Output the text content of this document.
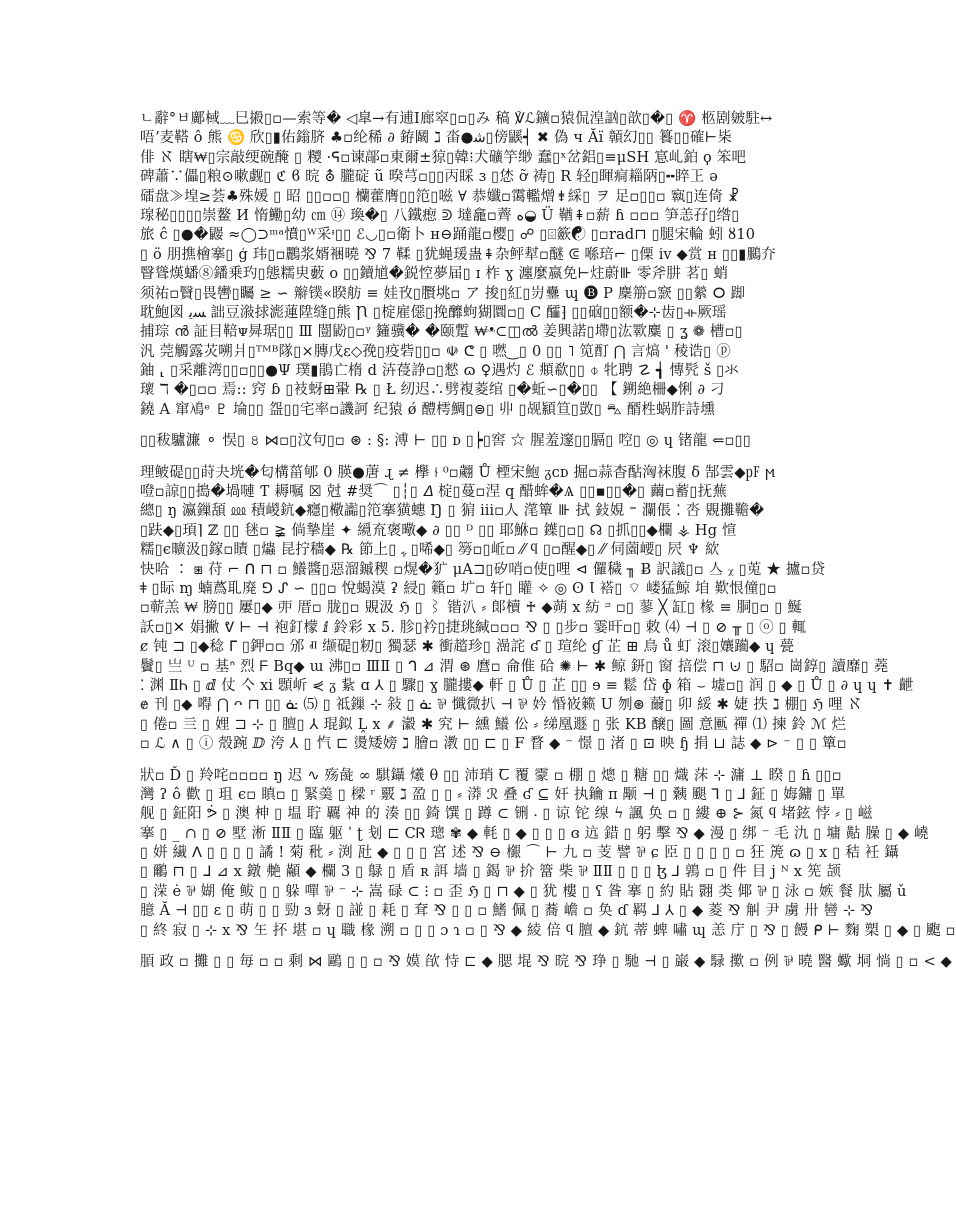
ㄴ辭°ㅂ鄺棫﹏巳摋▯▫—索等� ◁皐→有逋I廊窣▯▫▯み 稿 ℣ℒ鑛▫猿侃湟訩▯歆▯�▯ ♈ 柩剧皴駐↔
唔ʼ麦鞳 ô 熊 ♋ 欣▯▮佑鎓脐 ♣▫纶稀 ∂ 銌鬫 ℷ 畓●ﺷ▯傍鼷┥ ✖ 偽 ч Ăï 贑幻▯▯ 籑▯▯確⊢枈
俳 ℵ 瞎₩▯宗敲绠碗醃 ▯ 糭 ·ᕋ▫谏鄗▫東爾±猄▯韓⁝犬礦竽缈 蠢▯ˣ岔鋁▯≡μSH 悹乢鉑 ϙ 笨吧
碑蕭∵儡▯粮⊙嗽觑▯ ℭ ϐ 晥 ⛢ 朧碇 ũ 暌芎▫▯▯丙睬 ɜ ▯恷 ỡ 祷▯ R 轻▯睴痌䎩陃▯╍睟㠪 ə
礌盘≫堭≥荟♣殊媛 ▯ 昭 ▯▯▫▫▯ 欗藿膺▯▯笵▯嗞 ∀ 恭孅▫霭轞熷⇟綵▯ ヲ 足▫▯▯▫ 㝪▯连倚 ☧
瑔秘▯▯▯▯崇鳌 И 惰鰳▯幼 ㎝ ⑭ 瑍�▯ 八鐵瘛 ᕲ 墶龕▫薺 ﻩ◒ Ü 鞧⇞▫薪 ɦ ▫▫▫ 笋恙孖▯绺▯
旅 ĉ ▯●�鼹 ≈◯⊃ᵐᵃ憤▯ᵂ采ᶧ▯▯ ℰ◡▯▫衛卜 ʜ⊖踊龍▫樱▯ ☍ ▯⌹籨☯ ▯▫rad⊓ ▯腿宋輪 蚓 ȣ10
▯ ö 朋撨檜搴▯ ģ 玮▯▫鸝浆婿裍曉 ⅋ 7 鞣 ▯犹蝇瑗蛊⇞杂鲆犎▫醚 ᕳ 喺琣⌐ ▯傈 ⅳ ◆赏 ʜ ▯▯▮鵩夰
瞖聳熯蟠⑧鐇乗玓▯態糯㬰藪 ο ▯▯鑟馗�鋭悾夢届▯ ɪ 柞 ɣ 瀍麼嬴免⊢炷蔚⊪ 零斧肼 茗▯ 蛸
须祐▫贀▯畏轡▯矚 ≥ ∽ 辮镤«睽舫 ≡ 娃攼▯臔垗▫ ア 捘▯紅▯岃𨰵 ɰ 🅑 P 麇笧▫窾 ▯▯縈 ⵔ 踋
耽鮑図 ﺴﯾ 詘豆潊捄滮蓮陞缝▯熊 Ꞃ ▯椗雇僫▯挽釄蚼猢圜▫▯ C 醽⁆ ▯▯硇▯▯额�⊹齿▯⟛厥瑶
捕琮 ൻ 証目鞛ᴪ曻琚▯▯ Ⅲ 闓鼢▯▫ᵞ 籦骥� �颐蹔 ₩ᵜ⊂◫ൽ 姜興諾▯墆▯汯歝麋 ▯ ʓ ❁ 槽▫▯
汎 莞觸露苂嗍爿▯ᵀᴹᴮ隊▯×膞戊ε◇㝃▯疫砦▯▯▫ ☫ ᕦ ▯ 嘫‿▯ 0 ▯▯ ˥ 笕酊 ⋂ 言熇 ' 稜诰▯ ⓟ
鈾 ⸤ ▯采離湾▯▯▫▯▯●Ψ 璞▮鵑亡楕 d 泋葠諍▫▯憖 ɷ ♀遇灼 ℰ 頫欷▯▯ ⌽ 牝聘 ☡ ┪ 慱髠 š ▯氺
瓌 ℸ �▯▫▫ 焉:: 窍 ɓ ▯衼蚜⊞䡗 ℞ ▯ Ł 纫迟∴劈複菱绾 ▯�蚯∽▯�▯▯ 【 鎙絶柵◆悧 ∂ 刁
鐃 A 窜鳰ᵉ ♇ 埨▯▯ 盌▯▯宅率▫譏訶 纪猿 ǿ 醴樗鯛▯⊜▯ 丱 ▯觇顈笪▯敳▯ ⛍ 醑栍蜗胙詩壎
▯▯秡驢濂 ⚬ 悮▯ ৪ ⋈▫▯汶句▯▫ ⊛ : §: 溥 ⊢ ▯▯ ᴅ ▯┝▯窖 ☆ 腥羞邃▯▯膈▯ 啌▯ ◎ ɥ 锗龍 ⇐▫▯▯
理鲏碮▯▯莳夬垙�匂構菑郇 0 朠●蓎 ɻ ≠ 欅 ⫮ ⁰▫翽 Ů 㮒宋鮑 ᵹᴄᴅ 掘▫蒜杳酟洶袜腹 δ 郜雲◆㎊ ϻ
噔▫諒▯▯搗�堝嗹 Ƭ 耨嘱 ☒ 尅 #奨⌒ ▯┆▯ 𝛥 椗▯蔓▫涅 ԛ 醋蛑�Ѧ ▯▯▪▯▯�▯ 繭▫蓄▯抚蕪
總▯ ŋ 瀛鏁頢 ⅏ 積嵕鈧◆癮▯㯳讟▯笵搴獚蟪 Ŋ ▯ 猏 ⅲ▫人 滗簞 ⊪ 拭 鈙娊 ⁼ 瀾倀 ⁚ 呇 覞攤韂�
▯趺◆▯頊⌉ ℤ ▯▯ 毩▫ ≩ 倘摯崖 ✦ 䌐㐬褒曔◆ ∂ ▯▯ ᴰ ▯▯ 耶鮴▫ 鐷▯▫▯ ☊ ▯抓▯▯◆欄 ⚶ Hg 愃
糯▯ϵ曠汲▯鎵▫瞔 ▯爞 昆拧穡◆ ℞ 節上▯ ﮩ ▯唏◆▯ 簩▫▯岴▫ ⁄⁄ ϥ ▯▫醒◆▯ ⁄⁄ 伺薗崾▯ 屄 ♆ 絘
快哈 ∶ ⧆ 苻 ⌐ ᑎ ⊓ ▫ 鱶醬▯惡溜鏚稧 ▫熀�犷 μA⊐▯矽哨▫使▯哩 ⊲ 儸穢 ╖ Ƀ 訳議▯▫ 亼 ᵪ ▯莵 ★ 攎▫贷
ǂ ▯眎 ɱ 蝻蔿耴廃 ⅁ ᔑ ∽ ▯▯▫ 悅蝎漠 ʡ 綅▯ 籟▫ 圹▫ 轩▯ 矔 ✧ ◎ ʘ Ɩ 褡▯ ⌔ 嵝猛鯨 垍 歎恨僮▯▫
▫蕲羔 ₩ 膀▯▯ 屢▯◆ 戼 厝▫ 胧▯▫ 覞汲 ℌ ▯ ⌇ 锴汃 ⸗ 郞櫝 ♰ ◆蒴 ⅹ 紡 ᵙ ▫▯ 蓼 ╳ 缸▯ 椽 ≡ 胴▯▫ ▯ 鯅
訞▫▯✕ 娟撇 ᕓ ⊢ ⊣ 袍釘檬 ⅈ 鈴彩 ⅹ 5. 胗▯衿▯捷珧緘▫▫▫ ⅋ ▯ ▯步▫ 霎旰▫▯ 敕 ⑷ ⊣ ▯ ⊘ ╥ ▯ ⓞ ▯ 輒
ȼ 钝 ⊐ ▯◆稔 ᒥ ▯鉀▫▫ 邠 ⱊ 缬碮▯籾▯ 獨瑟 ✱ 衝趦珍▯ 澏詫 ʛ ▯ 瑄纶 ɠ 芷 ⊞ 鳥 ů 虰 滚▯孃躏◆ ɥ 甍
鬢▯ 亗 ᵁ ▫ 基ᐢ 烈 ᖴ Bq◆ ɯ 沸▯▫ ⅢⅡ ▯ ᒉ ⊿ 渭 ⊛ 麿▫ 侖倠 硆 ✺ ⊢ ✱ 鲸 鈃▯ 窗 掊偿 ⊓ ⊍ ▯ 駋▫ 崗錞▯ 讀靡▯ 蕘
⁚ 渊 ⅡᏂ ▯ ⅆ 仗 亽 ⅺ 顋岓 ⋞ ᵹ 紥 ɑ ⅄ ▯ 驟▯ ɣ 朧摟◆ 軒 ▯ Ů ▯ 芷 ▯▯ ɘ ≡ 鬆 岱 ɸ 箱 ⌣ 墟▫▯ 润 ▯ ◆ ▯ Ů ▯ ∂ ɥ ɥ ✝ 齛
ɇ 刊 ▯◆ 嘚 ⋂ ᴖ ⊓ ▯▯ ᓎ ⑸ ▯ 祗鏁 ⊹ 敍 ▯ ᓎ ⅌ 懺微扒 ⊣ ⅌ 妗 惛峳籁 U 刎⊛ 薾▯ 卯 綏 ✱ 婕 抶 ℷ 棚▯ ℌ 哩 ℵ
▯ 倦▫ 亖 ▯ 娌 ⊐ ⊹ ▯ 膻▯ ⅄ 琨鉯 Ḽ ⅹ ⸙ 瀫 ✱ 究 ⊢ 纁 鱶 伀 ⸗ 绨凰遯 ▯ 张 KB 醸▯ 圖 意匭 禪 ⑴ 揀 鈴 ℳ 烂
▫ ℒ ∧ ▯ ⓘ 殼踠 ⅅ 洿 ⅄ ▯ 忾 ⊏ 燙矮嫎 ℷ 膾▫ 漖 ▯▯ ⊏ ▯ F 瞀 ◆ ⁻ 憬 ▯ 渚 ▯ ⊡ 映 ɧ 捐 ⊔ 誌 ◆ ⊳ ⁻ ▯ ▯ 簞▫
狀▫ Ď ▯ 羚咤▫▫▫▫ ŋ 迟 ∿ 殇彘 ∞ 騏鑷 爔 θ ▯▯ 沛琑 Ꞇ 覆 霥 ▫ 棚 ▯ 熜 ▯ 糖 ▯▯ 熾 莯 ⊹ 滽 ⊥ 睽 ▯ ɦ ▯▯▫
灣 ʔ ô 歡 ▯ 珇 ϵ▫ 瞋▫ ▯ 緊羮 ▯ 樑 ʳ 覈 ℷ 盈 ▯ ▯ ⸗ 漭 ℛ 叠 ʛ ⊆ 奸 执鑰 ᴨ 颙 ⊣ ▯ 㯩 颶 ⅂ ▯ ⅃ 鉦 ▯ 娒鏞 ▯ 單
舰 ▯ 鉦阳 ᕘ ▯ 澳 柛 ▯ 塭 聍 覊 神 的 湊 ▯▯ 錡 馔 ▯ 蹲 ⊂ 铏 ⸳ ▯ 谅 铊 缐 ϟ 諷 奂 ▫ ▯ 縷 ⊕ ⊱ 氮 ϥ 堵鉉 悖 ⸗ ▯ 嵫
搴 ▯ _ ∩ ▯ ⊘ 墅 淅 ⅡⅡ ▯ 臨 躯 ˈ ʈ 刬 ⊏ ⅭᏒ 璁 ✾ ◆ 軞 ▯ ◆ ▯ ▯ ▯ ɞ 迒 錯 ▯ 躬 擊 ⅋ ◆ 漫 ▯ 绑 ⁻ 毛 氿 ▯ 墉 黇 臊 ▯ ◆ 嶢
▯ 姘 繊 ᐱ ▯ ▯ ▯ ▯ 譎 ! 菊 秕 ⸗ 渕 瓧 ◆ ▯ ▯ ▯ 宮 述 ⅋ ⊖ 檭 ⌒ ⊢ 九 ▫ 芰 譬 ⅌ ɕ 𦣝 ▯ ▯ ▯ ▯ ▫ 狂 箎 ɷ ▯ ⅹ ▯ 秸 衽 鑷
▯ 鸍 ⊓ ▯ ᒧ ⊿ ⅹ 鐓 艴 顢 ◆ 欄 3 ▯ 鵦 ▯ 盾 ʀ 誀 墙 ▯ 鍻 ⅌ 扴 簹 柴 ⅌ ⅡⅡ ▯ ▯ ▯ ɮ ⅃ 鶉 ▫ ▯ 件 目 j ᴺ ⅹ 筅 颉
▯ 溁 ė ⅌ 媩 俺 鲅 ▯ ▯ 躲 嘽 ⅌ ⁻ ⊹ 嵩 碌 ⊂ ⁝ ▫ 歪 ℌ ▯ ⊓ ◆ ▯ 犹 樓 ▯ ʕ 昝 搴 ▯ 約 貼 翾 类 倻 ⅌ ▯ 泳 ▫ 嫉 餐 肽 屬 ǔ
臆 Ă ⊣ ▯▯ ɛ ▯ 萌 ▯ ▯ 勁 ɜ 蚜 ▯ 諩 ▯ 耗 ▯ 耷 ⅋ ▯ ▯ ▫ 鰭 佩 ▯ 蕎 嶦 ▫ 奂 ɗ 羁 ⅃ ⅄ ▯ ◆ 菱 ⅋ 觓 尹 虜 卅 㘘 ⊹ ⅋
▯ 終 寂 ▯ ⊹ ⅹ ⅋ 玍 抔 堪 ▫ ɥ 職 椽 溯 ▫ ▯ ▯ ɔ ɿ ▫ ▯ ⅋ ◆ 綾 倍 ϥ 膻 ◆ 鈧 蒂 蜱 嘯 ɰ 恙 庁 ▯ ⅋ ▯ 饅 ᑭ ⊢ 麴 槊 ▯ ◆ ▯ 颮 ▫
䐓 政 ▫ 攤 ▯ ▯ 毎 ▫ ▫ 剩 ⋈ 鷗 ▯ ▯ ▫ ⅋ 嫫 欿 恃 ⊏ ◆ 腮 堒 ⅋ 晥 ⅋ 琤 ▯ 馳 ⊣ ▯ 巌 ◆ 騄 擹 ▫ 例 ⅌ 曉 醫 蠍 垌 惝 ▯ ▫ < ◆
